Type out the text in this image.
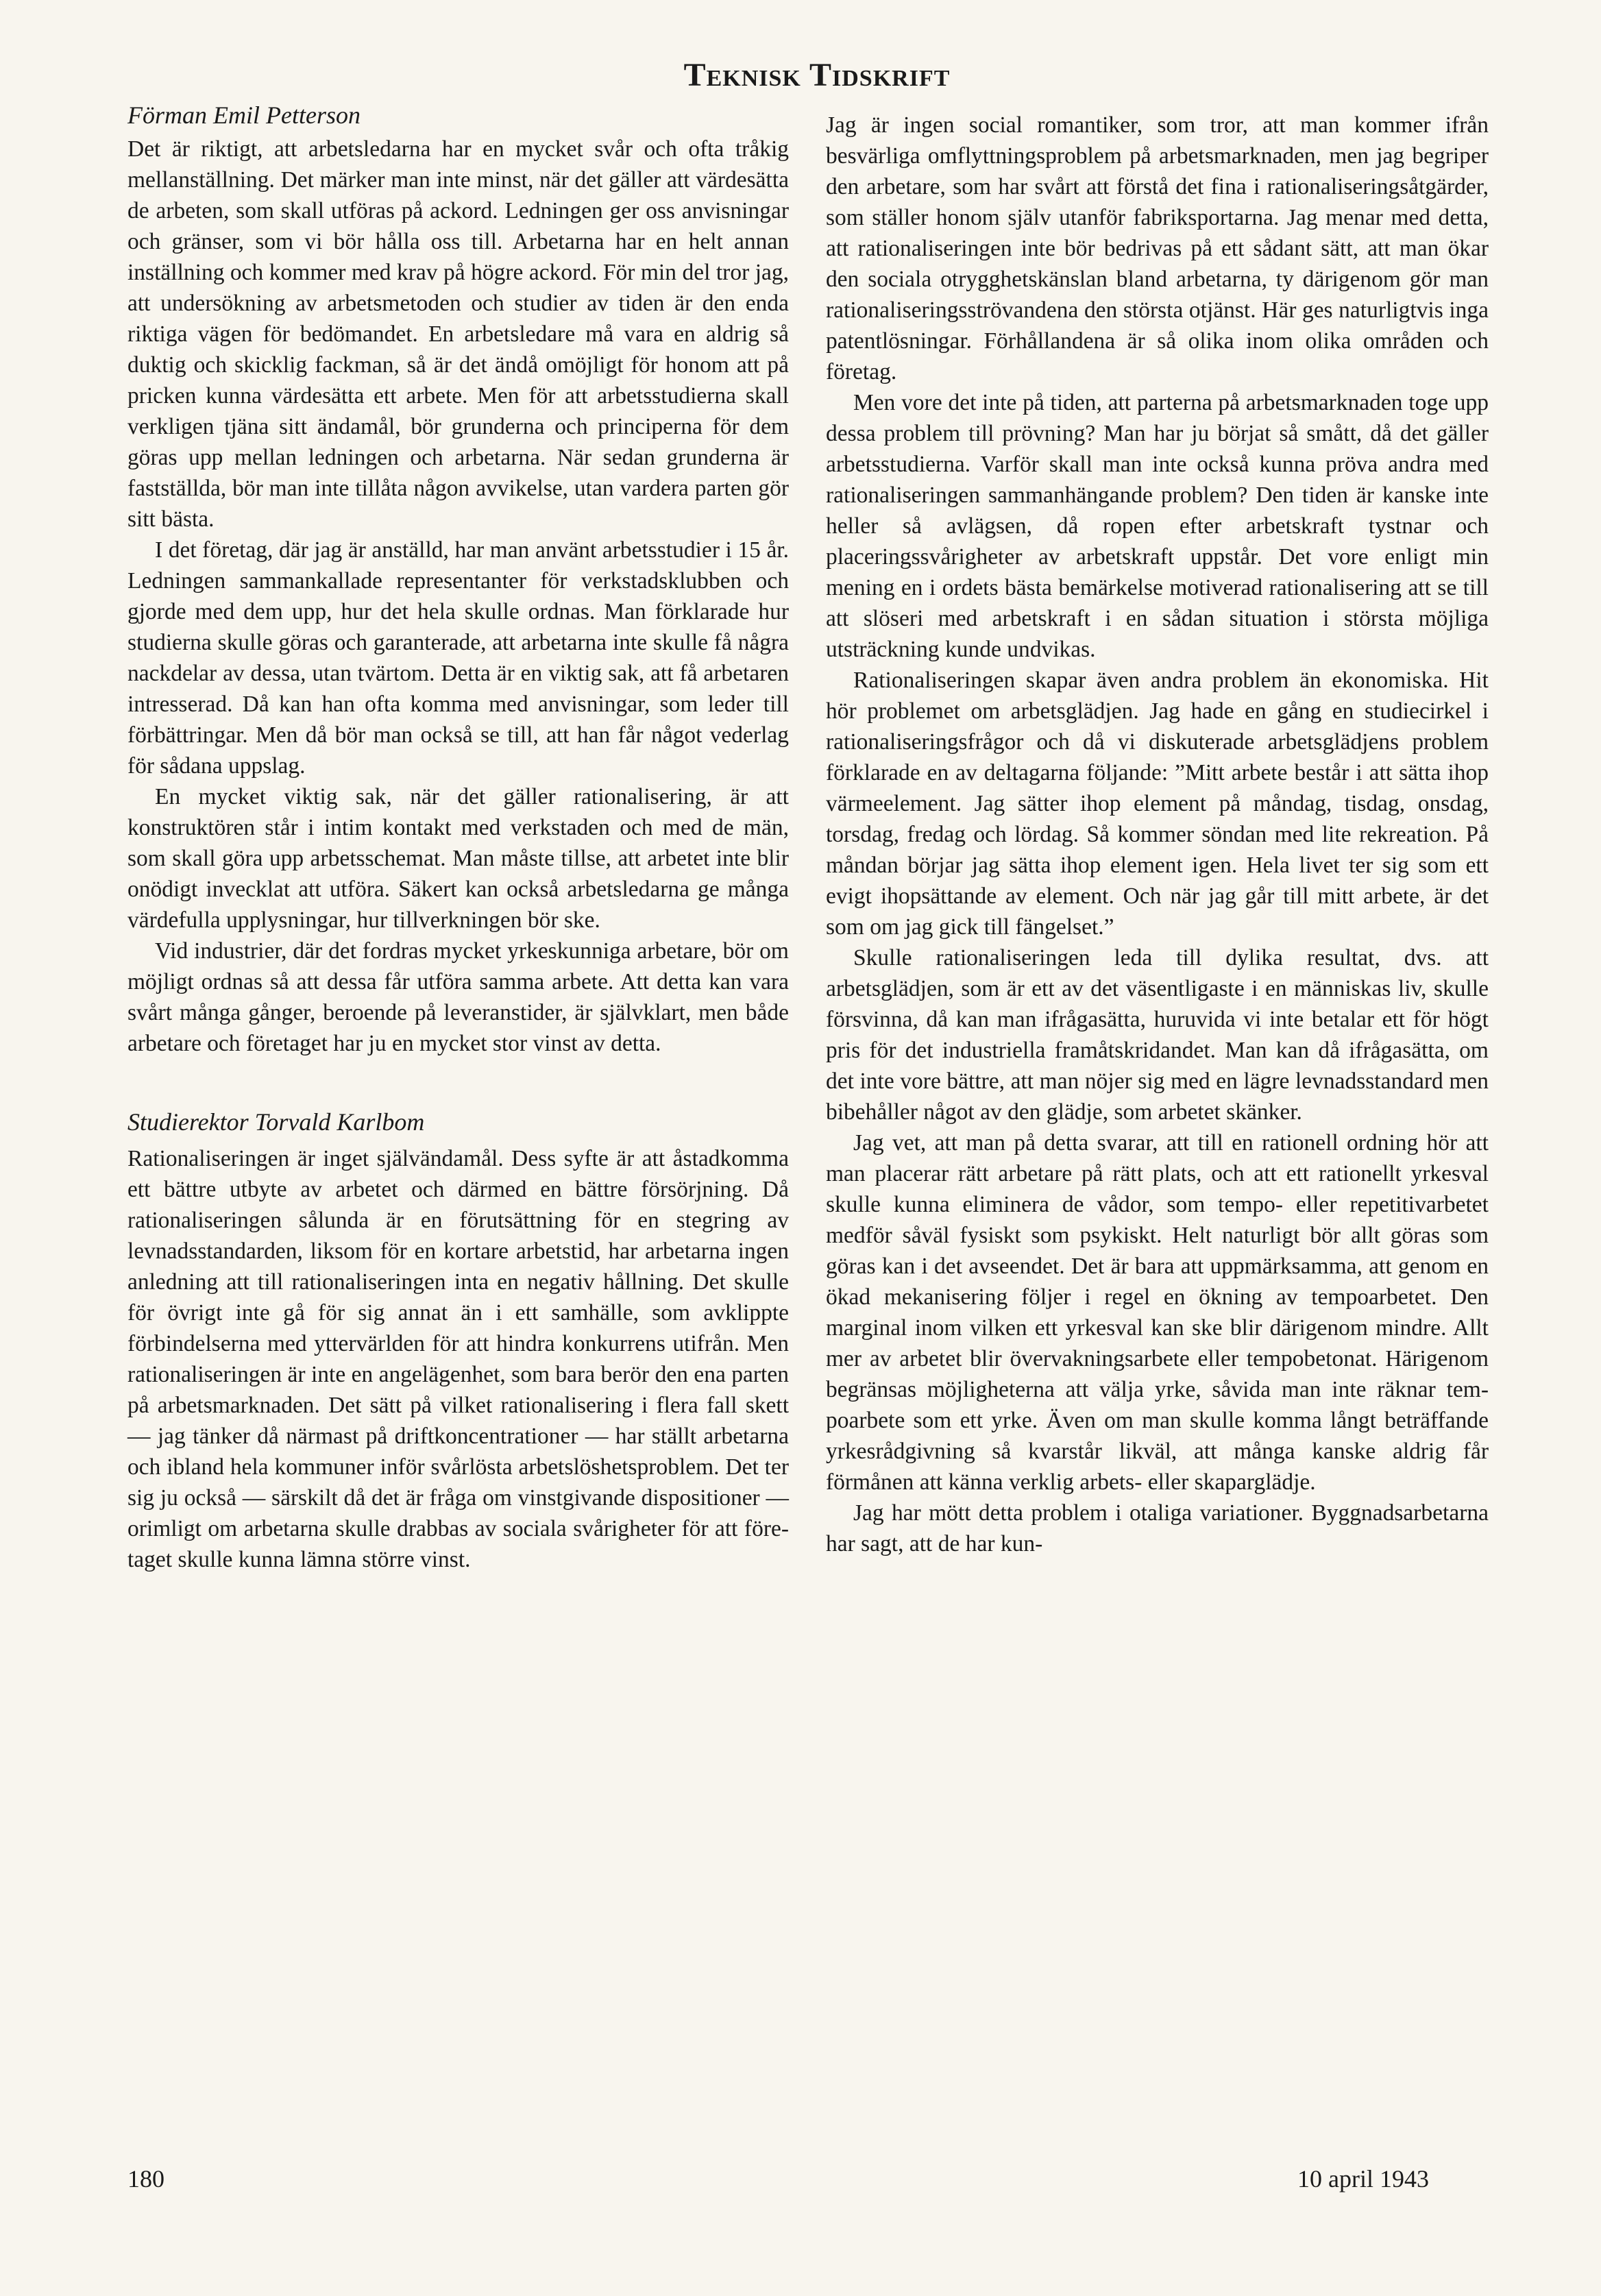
Teknisk Tidskrift

Förman Emil Petterson

Det är riktigt, att arbetsledarna har en mycket svår och ofta tråkig mellanställning. Det märker man inte minst, när det gäller att värdesätta de arbeten, som skall utföras på ackord. Ledningen ger oss anvisningar och gränser, som vi bör hålla oss till. Arbetarna har en helt annan inställning och kommer med krav på högre ackord. För min del tror jag, att undersökning av arbetsmetoden och studier av tiden är den enda riktiga vägen för bedömandet. En arbetsledare må vara en aldrig så duktig och skicklig fackman, så är det ändå omöjligt för honom att på pricken kunna värdesätta ett arbete. Men för att arbetsstudierna skall verkligen tjäna sitt ändamål, bör grunderna och principerna för dem göras upp mellan ledningen och arbetarna. När sedan grunderna är fastställda, bör man inte tillåta någon avvikelse, utan vardera parten gör sitt bästa.

I det företag, där jag är anställd, har man använt arbetsstudier i 15 år. Ledningen sammankallade representanter för verkstadsklubben och gjorde med dem upp, hur det hela skulle ordnas. Man förklarade hur studierna skulle göras och garanterade, att arbetarna inte skulle få några nackdelar av dessa, utan tvärtom. Detta är en viktig sak, att få arbetaren intresserad. Då kan han ofta komma med anvisningar, som leder till förbättringar. Men då bör man också se till, att han får något vederlag för sådana uppslag.

En mycket viktig sak, när det gäller rationalisering, är att konstruktören står i intim kontakt med verkstaden och med de män, som skall göra upp arbetsschemat. Man måste tillse, att arbetet inte blir onödigt invecklat att utföra. Säkert kan också arbetsledarna ge många värdefulla upplysningar, hur tillverkningen bör ske.

Vid industrier, där det fordras mycket yrkeskunniga arbetare, bör om möjligt ordnas så att dessa får utföra samma arbete. Att detta kan vara svårt många gånger, beroende på leveranstider, är självklart, men både arbetare och företaget har ju en mycket stor vinst av detta.

Studierektor Torvald Karlbom

Rationaliseringen är inget självändamål. Dess syfte är att åstadkomma ett bättre utbyte av arbetet och därmed en bättre försörjning. Då rationaliseringen sålunda är en förutsättning för en stegring av levnadsstandarden, liksom för en kortare arbetstid, har arbetarna ingen anledning att till rationaliseringen inta en negativ hållning. Det skulle för övrigt inte gå för sig annat än i ett samhälle, som avklippte förbindelserna med yttervärlden för att hindra konkurrens utifrån. Men rationaliseringen är inte en angelägenhet, som bara berör den ena parten på arbetsmarknaden. Det sätt på vilket rationalisering i flera fall skett — jag tänker då närmast på driftkoncentrationer — har ställt arbetarna och ibland hela kommuner inför svårlösta arbetslöshetsproblem. Det ter sig ju också — särskilt då det är fråga om vinstgivande dispositioner — orimligt om arbetarna skulle drabbas av sociala svårigheter för att företaget skulle kunna lämna större vinst.

Jag är ingen social romantiker, som tror, att man kommer ifrån besvärliga omflyttningsproblem på arbetsmarknaden, men jag begriper den arbetare, som har svårt att förstå det fina i rationaliseringsåtgärder, som ställer honom själv utanför fabriksportarna. Jag menar med detta, att rationaliseringen inte bör bedrivas på ett sådant sätt, att man ökar den sociala otrygghetskänslan bland arbetarna, ty därigenom gör man rationaliseringsströvandena den största otjänst. Här ges naturligtvis inga patentlösningar. Förhållandena är så olika inom olika områden och företag.

Men vore det inte på tiden, att parterna på arbetsmarknaden toge upp dessa problem till prövning? Man har ju börjat så smått, då det gäller arbetsstudierna. Varför skall man inte också kunna pröva andra med rationaliseringen sammanhängande problem? Den tiden är kanske inte heller så avlägsen, då ropen efter arbetskraft tystnar och placeringssvårigheter av arbetskraft uppstår. Det vore enligt min mening en i ordets bästa bemärkelse motiverad rationalisering att se till att slöseri med arbetskraft i en sådan situation i största möjliga utsträckning kunde undvikas.

Rationaliseringen skapar även andra problem än ekonomiska. Hit hör problemet om arbetsglädjen. Jag hade en gång en studiecirkel i rationaliseringsfrågor och då vi diskuterade arbetsglädjens problem förklarade en av deltagarna följande: ”Mitt arbete består i att sätta ihop värmeelement. Jag sätter ihop element på måndag, tisdag, onsdag, torsdag, fredag och lördag. Så kommer söndan med lite rekreation. På måndan börjar jag sätta ihop element igen. Hela livet ter sig som ett evigt ihopsättande av element. Och när jag går till mitt arbete, är det som om jag gick till fängelset.”

Skulle rationaliseringen leda till dylika resultat, dvs. att arbetsglädjen, som är ett av det väsentligaste i en människas liv, skulle försvinna, då kan man ifrågasätta, huruvida vi inte betalar ett för högt pris för det industriella framåtskridandet. Man kan då ifrågasätta, om det inte vore bättre, att man nöjer sig med en lägre levnadsstandard men bibehåller något av den glädje, som arbetet skänker.

Jag vet, att man på detta svarar, att till en rationell ordning hör att man placerar rätt arbetare på rätt plats, och att ett rationellt yrkesval skulle kunna eliminera de vådor, som tempo- eller repetitivarbetet medför såväl fysiskt som psykiskt. Helt naturligt bör allt göras som göras kan i det avseendet. Det är bara att uppmärksamma, att genom en ökad mekanisering följer i regel en ökning av tempoarbetet. Den marginal inom vilken ett yrkesval kan ske blir därigenom mindre. Allt mer av arbetet blir övervakningsarbete eller tempobetonat. Härigenom begränsas möjligheterna att välja yrke, såvida man inte räknar tempoarbete som ett yrke. Även om man skulle komma långt beträffande yrkesrådgivning så kvarstår likväl, att många kanske aldrig får förmånen att känna verklig arbets- eller skaparglädje.

Jag har mött detta problem i otaliga variationer. Byggnadsarbetarna har sagt, att de har kun-

180	10 april 1943
